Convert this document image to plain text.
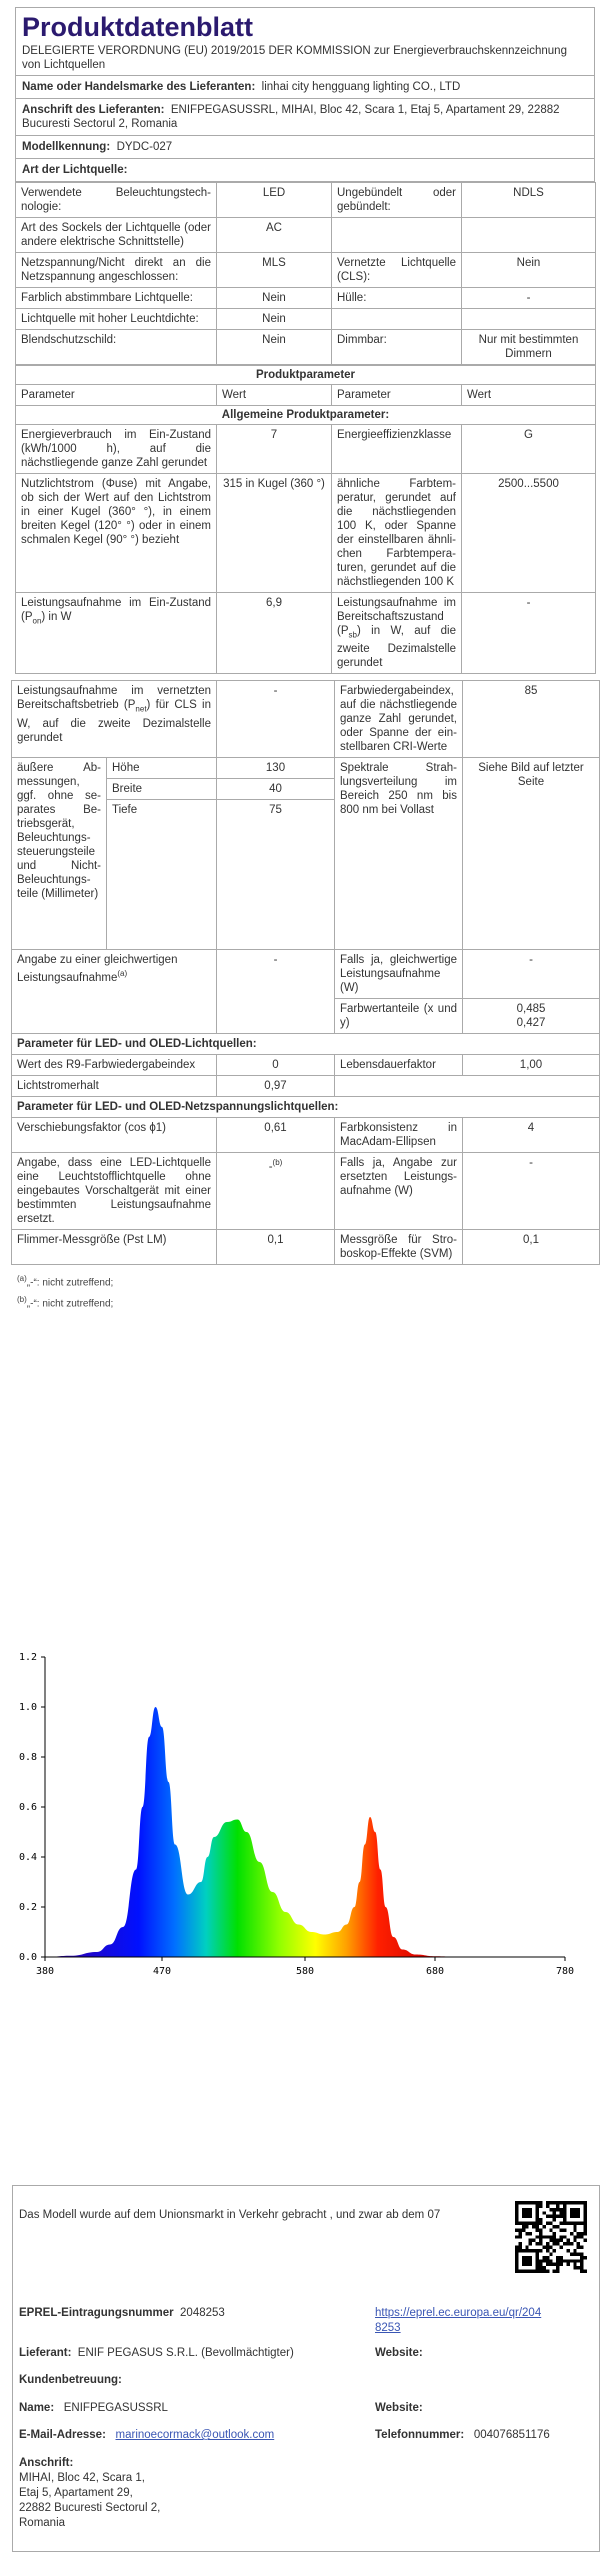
Produktdatenblatt
DELEGIERTE VERORDNUNG (EU) 2019/2015 DER KOMMISSION zur Energieverbrauchskennzeichnung von Lichtquellen
Name oder Handelsmarke des Lieferanten: linhai city hengguang lighting CO., LTD
Anschrift des Lieferanten: ENIFPEGASUSSRL, MIHAI, Bloc 42, Scara 1, Etaj 5, Apartament 29, 22882 Bucuresti Sectorul 2, Romania
Modellkennung: DYDC-027
Art der Lichtquelle:
Verwendete Beleuchtungstechnologie:	LED	Ungebündelt oder gebündelt:	NDLS
Art des Sockels der Lichtquelle (oder andere elektrische Schnittstelle)	AC		
Netzspannung/Nicht direkt an die Netzspannung angeschlossen:	MLS	Vernetzte Lichtquelle (CLS):	Nein
Farblich abstimmbare Lichtquelle:	Nein	Hülle:	-
Lichtquelle mit hoher Leuchtdichte:	Nein		
Blendschutzschild:	Nein	Dimmbar:	Nur mit bestimmten Dimmern
Produktparameter			
Parameter	Wert	Parameter	Wert
Allgemeine Produktparameter:			
Energieverbrauch im Ein-Zustand (kWh/1000 h), auf die nächstliegende ganze Zahl gerundet	7	Energieeffizienzklasse	G
Nutzlichtstrom (Φuse) mit Angabe, ob sich der Wert auf den Lichtstrom in einer Kugel (360° °), in einem breiten Kegel (120° °) oder in einem schmalen Kegel (90° °) bezieht	315 in Kugel (360 °)	ähnliche Farbtemperatur, gerundet auf die nächstliegenden 100 K, oder Spanne der einstellbaren ähnlichen Farbtemperaturen, gerundet auf die nächstliegenden 100 K	2500...5500
Leistungsaufnahme im Ein-Zustand $(P_{on})$ in W	6,9	Leistungsaufnahme im Bereitschaftszustand $(P_{sb})$ in W, auf die zweite Dezimalstelle gerundet	-
Leistungsaufnahme im vernetzten Bereitschaftsbetrieb $(P_{net})$ für CLS in W, auf die zweite Dezimalstelle gerundet		-	Farbwiedergabeindex, auf die nächstliegende ganze Zahl gerundet, oder Spanne der einstellbaren CRI-Werte	85
äußere Abmessungen, ggf. ohne separates Betriebsgerät, Beleuchtungssteuerungsteile und Nicht-Beleuchtungsteile (Millimeter)	Höhe	130	Spektrale Strahlungsverteilung im Bereich 250 nm bis 800 nm bei Vollast	Siehe Bild auf letzter Seite
	Breite	40		
	Tiefe	75		
Angabe zu einer gleichwertigen Leistungsaufnahme$^{(a)}$		-	Falls ja, gleichwertige Leistungsaufnahme (W)	-
			Farbwertanteile (x und y)	0,485
0,427

Parameter für LED- und OLED-Lichtquellen:				
Wert des R9-Farbwiedergabeindex		0	Lebensdauerfaktor	1,00
Lichtstromerhalt		0,97		
Parameter für LED- und OLED-Netzspannungslichtquellen:				
Verschiebungsfaktor (cos ϕ1)		0,61	Farbkonsistenz in MacAdam-Ellipsen	4
Angabe, dass eine LED-Lichtquelle eine Leuchtstofflichtquelle ohne eingebautes Vorschaltgerät mit einer bestimmten Leistungsaufnahme ersetzt.		-$^{(b)}$	Falls ja, Angabe zur ersetzten Leistungsaufnahme (W)	-
Flimmer-Messgröße (Pst LM)		0,1	Messgröße für Stroboskop-Effekte (SVM)	0,1
$^{(a)}$„-“: nicht zutreffend;
$^{(b)}$„-“: nicht zutreffend;
0.0
0.2
0.4
0.6
0.8
1.0
1.2
380	470	580	680	780
Das Modell wurde auf dem Unionsmarkt in Verkehr gebracht , und zwar ab dem 07
EPREL-Eintragungsnummer 2048253	https://eprel.ec.europa.eu/qr/2048253
Lieferant: ENIF PEGASUS S.R.L. (Bevollmächtigter)	Website:
Kundenbetreuung:
Name: ENIFPEGASUSSRL	Website:
E-Mail-Adresse: marinoecormack@outlook.com	Telefonnummer: 004076851176
Anschrift:
MIHAI, Bloc 42, Scara 1,
Etaj 5, Apartament 29,
22882 Bucuresti Sectorul 2,
Romania
